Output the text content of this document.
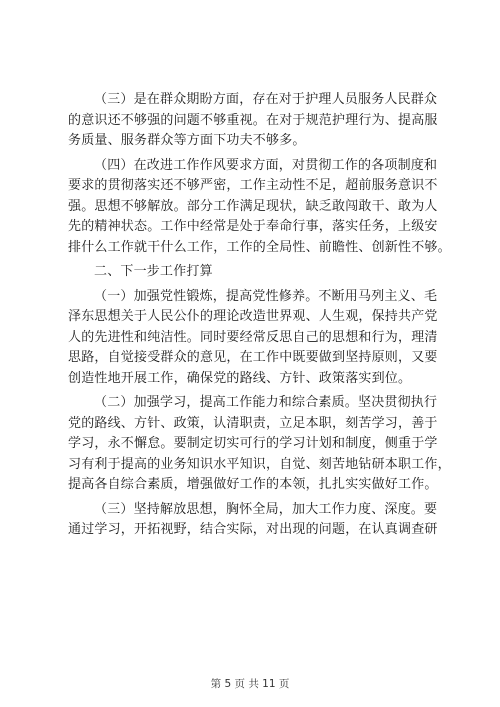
（三）是在群众期盼方面，存在对于护理人员服务人民群众
的意识还不够强的问题不够重视。在对于规范护理行为、提高服
务质量、服务群众等方面下功夫不够多。
（四）在改进工作作风要求方面，对贯彻工作的各项制度和
要求的贯彻落实还不够严密，工作主动性不足，超前服务意识不
强。思想不够解放。部分工作满足现状，缺乏敢闯敢干、敢为人
先的精神状态。工作中经常是处于奉命行事，落实任务，上级安
排什么工作就干什么工作，工作的全局性、前瞻性、创新性不够。
二、下一步工作打算
（一）加强党性锻炼，提高党性修养。不断用马列主义、毛
泽东思想关于人民公仆的理论改造世界观、人生观，保持共产党
人的先进性和纯洁性。同时要经常反思自己的思想和行为，理清
思路，自觉接受群众的意见，在工作中既要做到坚持原则，又要
创造性地开展工作，确保党的路线、方针、政策落实到位。
（二）加强学习，提高工作能力和综合素质。坚决贯彻执行
党的路线、方针、政策，认清职责，立足本职，刻苦学习，善于
学习，永不懈怠。要制定切实可行的学习计划和制度，侧重于学
习有利于提高的业务知识水平知识，自觉、刻苦地钻研本职工作，
提高各自综合素质，增强做好工作的本领，扎扎实实做好工作。
（三）坚持解放思想，胸怀全局，加大工作力度、深度。要
通过学习，开拓视野，结合实际，对出现的问题，在认真调查研
第 5 页 共 11 页
